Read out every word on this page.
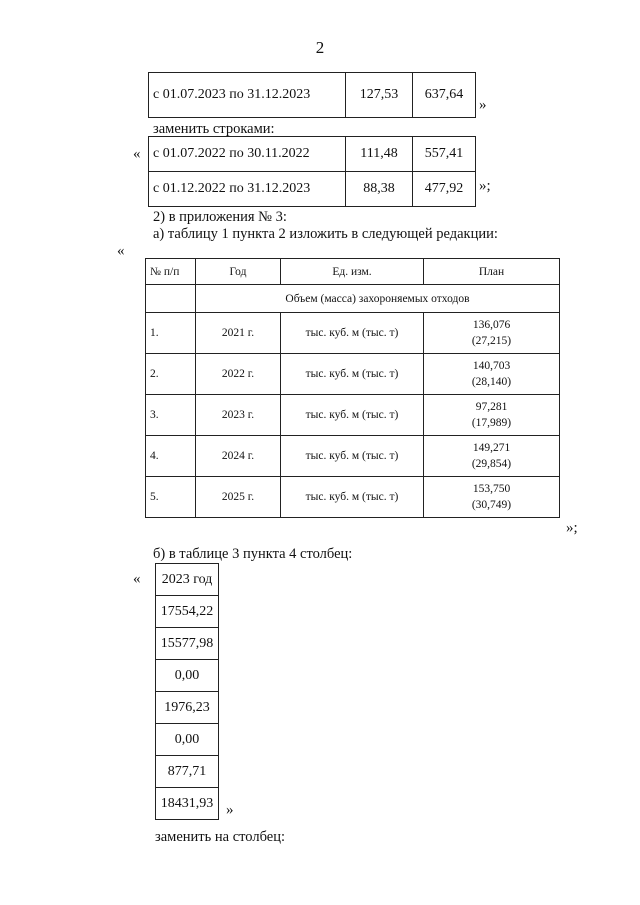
2
с 01.07.2023 по 31.12.2023	127,53	637,64
»
заменить строками:
« с 01.07.2022 по 30.11.2022	111,48	557,41
с 01.12.2022 по 31.12.2023	88,38	477,92 »;
2) в приложения № 3:
а) таблицу 1 пункта 2 изложить в следующей редакции:
«
№ п/п	Год	Ед. изм.	План
	Объем (масса) захороняемых отходов		
1.	2021 г.	тыс. куб. м (тыс. т)	136,076
(27,215)

2.	2022 г.	тыс. куб. м (тыс. т)	140,703
(28,140)

3.	2023 г.	тыс. куб. м (тыс. т)	97,281
(17,989)

4.	2024 г.	тыс. куб. м (тыс. т)	149,271
(29,854)

5.	2025 г.	тыс. куб. м (тыс. т)	153,750
(30,749)
»;
б) в таблице 3 пункта 4 столбец:
« 2023 год
17554,22
15577,98
0,00
1976,23
0,00
877,71
18431,93 »
заменить на столбец:
